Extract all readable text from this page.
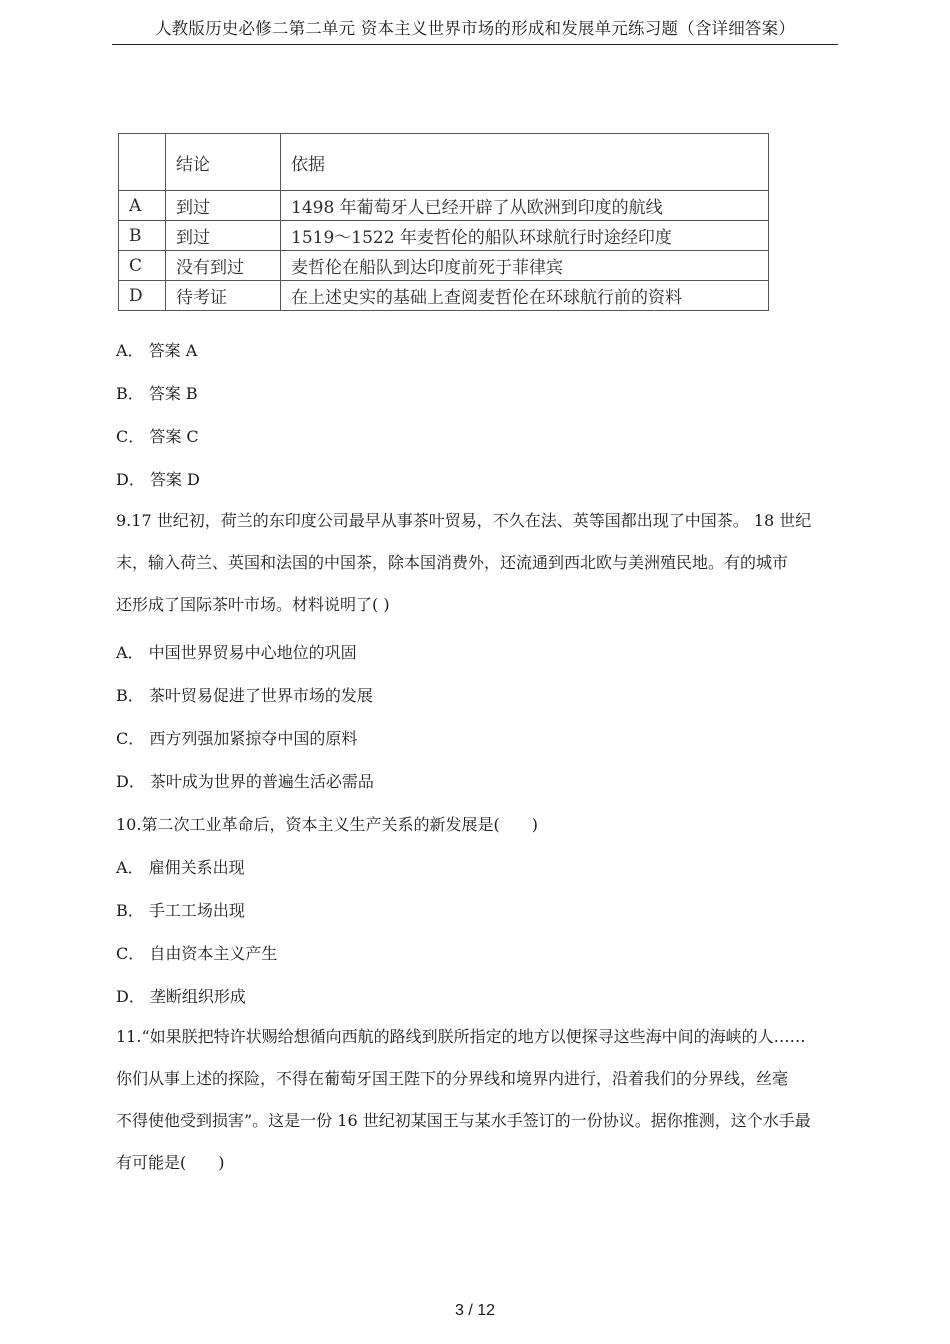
人教版历史必修二第二单元 资本主义世界市场的形成和发展单元练习题（含详细答案）
	结论	依据
A	到过	1498 年葡萄牙人已经开辟了从欧洲到印度的航线
B	到过	1519～1522 年麦哲伦的船队环球航行时途经印度
C	没有到过	麦哲伦在船队到达印度前死于菲律宾
D	待考证	在上述史实的基础上查阅麦哲伦在环球航行前的资料
A． 答案 A
B． 答案 B
C． 答案 C
D． 答案 D
9.17 世纪初，荷兰的东印度公司最早从事茶叶贸易，不久在法、英等国都出现了中国茶。 18 世纪
末，输入荷兰、英国和法国的中国茶，除本国消费外，还流通到西北欧与美洲殖民地。有的城市
还形成了国际茶叶市场。材料说明了( )
A． 中国世界贸易中心地位的巩固
B． 茶叶贸易促进了世界市场的发展
C． 西方列强加紧掠夺中国的原料
D． 茶叶成为世界的普遍生活必需品
10.第二次工业革命后，资本主义生产关系的新发展是(　　)
A． 雇佣关系出现
B． 手工工场出现
C． 自由资本主义产生
D． 垄断组织形成
11.“如果朕把特许状赐给想循向西航的路线到朕所指定的地方以便探寻这些海中间的海峡的人……
你们从事上述的探险，不得在葡萄牙国王陛下的分界线和境界内进行，沿着我们的分界线，丝毫
不得使他受到损害”。这是一份 16 世纪初某国王与某水手签订的一份协议。据你推测，这个水手最
有可能是(　　)
3 / 12
